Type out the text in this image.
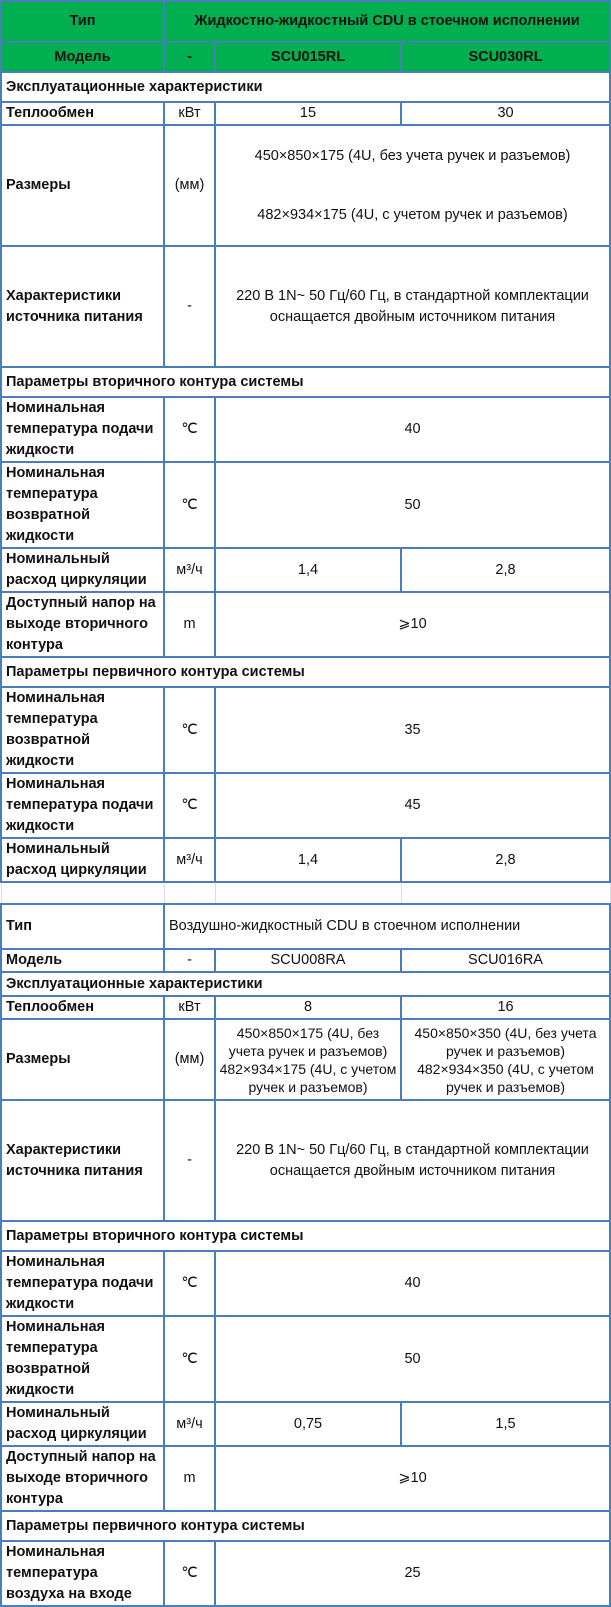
Тип	Жидкостно-жидкостный CDU в стоечном исполнении		
Модель	-	SCU015RL	SCU030RL
Эксплуатационные характеристики			
Теплообмен	кВт	15	30
Размеры	(мм)	450×850×175 (4U, без учета ручек и разъемов)
482×934×175 (4U, с учетом ручек и разъемов)	

Характеристики источника питания	-	220 В 1N~ 50 Гц/60 Гц, в стандартной комплектации
оснащается двойным источником питания	

Параметры вторичного контура системы			
Номинальная температура подачи жидкости	℃	40	
Номинальная температура возвратной жидкости	℃	50	
Номинальный расход циркуляции	м³/ч	1,4	2,8
Доступный напор на выходе вторичного контура	m	⩾10	
Параметры первичного контура системы			
Номинальная температура возвратной жидкости	℃	35	
Номинальная температура подачи жидкости	℃	45	
Номинальный расход циркуляции	м³/ч	1,4	2,8

Тип	Воздушно-жидкостный CDU в стоечном исполнении		
Модель	-	SCU008RA	SCU016RA
Эксплуатационные характеристики			
Теплообмен	кВт	8	16
Размеры	(мм)	450×850×175 (4U, без учета ручек и разъемов) 482×934×175 (4U, с учетом ручек и разъемов)	450×850×350 (4U, без учета ручек и разъемов) 482×934×350 (4U, с учетом ручек и разъемов)
Характеристики источника питания	-	220 В 1N~ 50 Гц/60 Гц, в стандартной комплектации
оснащается двойным источником питания	

Параметры вторичного контура системы			
Номинальная температура подачи жидкости	℃	40	
Номинальная температура возвратной жидкости	℃	50	
Номинальный расход циркуляции	м³/ч	0,75	1,5
Доступный напор на выходе вторичного контура	m	⩾10	
Параметры первичного контура системы			
Номинальная температура воздуха на входе	℃	25	
